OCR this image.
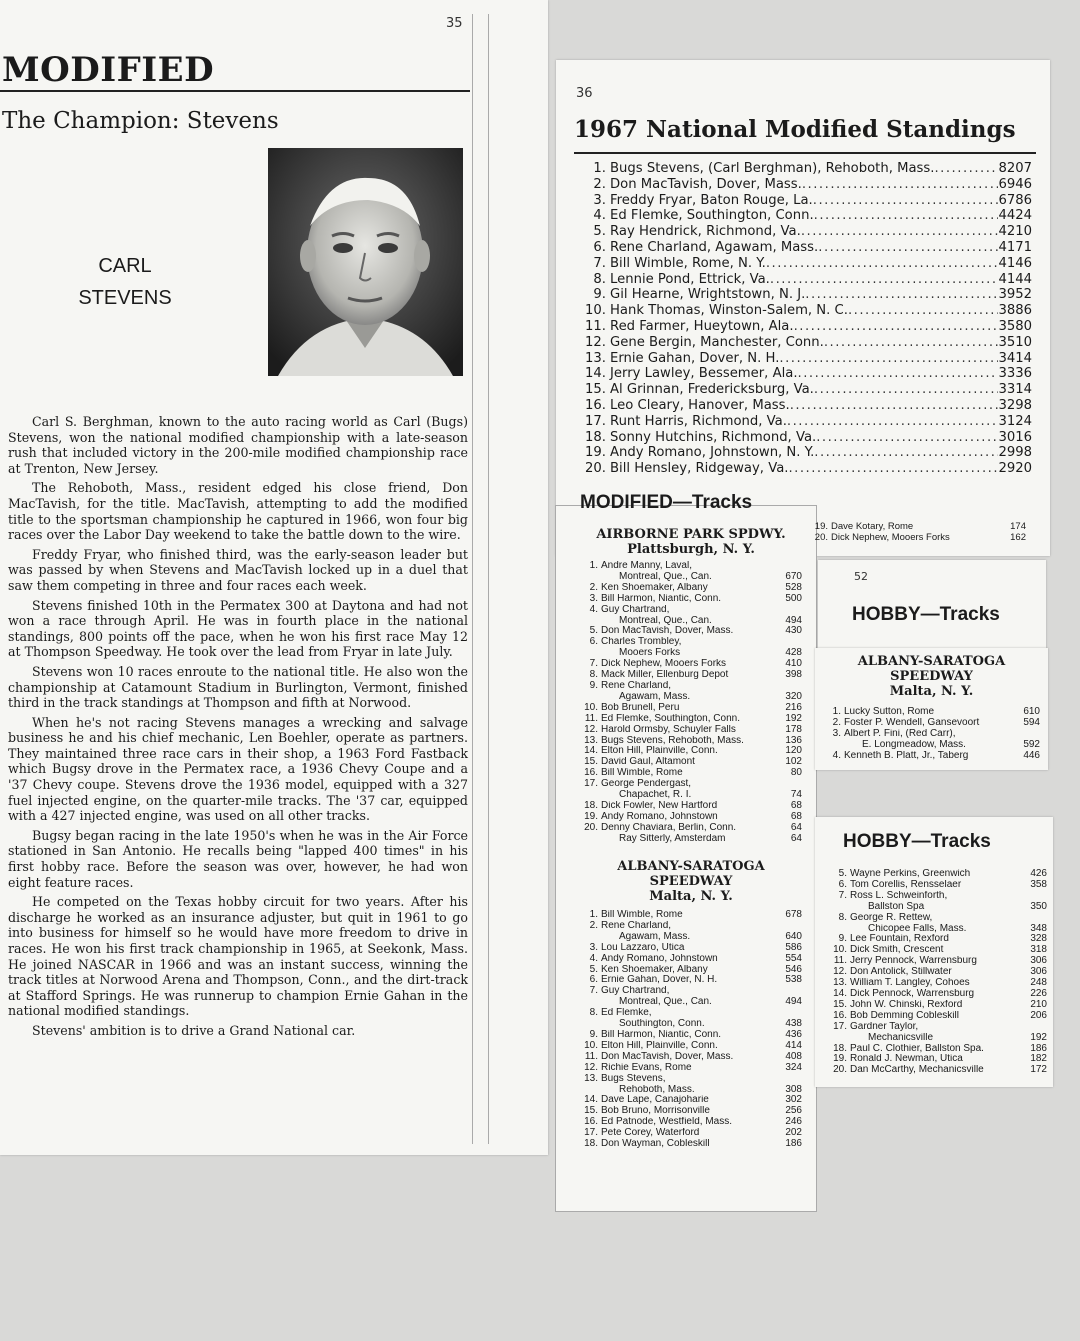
35
MODIFIED
The Champion: Stevens
CARL
STEVENS

Carl S. Berghman, known to the auto racing world as Carl (Bugs) Stevens, won the national modified championship with a late-season rush that included victory in the 200-mile modified championship race at Trenton, New Jersey.

The Rehoboth, Mass., resident edged his close friend, Don MacTavish, for the title. MacTavish, attempting to add the modified title to the sportsman championship he captured in 1966, won four big races over the Labor Day weekend to take the battle down to the wire.

Freddy Fryar, who finished third, was the early-season leader but was passed by when Stevens and MacTavish locked up in a duel that saw them competing in three and four races each week.

Stevens finished 10th in the Permatex 300 at Daytona and had not won a race through April. He was in fourth place in the national standings, 800 points off the pace, when he won his first race May 12 at Thompson Speedway. He took over the lead from Fryar in late July.

Stevens won 10 races enroute to the national title. He also won the championship at Catamount Stadium in Burlington, Vermont, finished third in the track standings at Thompson and fifth at Norwood.

When he's not racing Stevens manages a wrecking and salvage business he and his chief mechanic, Len Boehler, operate as partners. They maintained three race cars in their shop, a 1963 Ford Fastback which Bugsy drove in the Permatex race, a 1936 Chevy Coupe and a '37 Chevy coupe. Stevens drove the 1936 model, equipped with a 327 fuel injected engine, on the quarter-mile tracks. The '37 car, equipped with a 427 injected engine, was used on all other tracks.

Bugsy began racing in the late 1950's when he was in the Air Force stationed in San Antonio. He recalls being "lapped 400 times" in his first hobby race. Before the season was over, however, he had won eight feature races.

He competed on the Texas hobby circuit for two years. After his discharge he worked as an insurance adjuster, but quit in 1961 to go into business for himself so he would have more freedom to drive in races. He won his first track championship in 1965, at Seekonk, Mass. He joined NASCAR in 1966 and was an instant success, winning the track titles at Norwood Arena and Thompson, Conn., and the dirt-track at Stafford Springs. He was runnerup to champion Ernie Gahan in the national modified standings.

Stevens' ambition is to drive a Grand National car.

36
1967 National Modified Standings
1. Bugs Stevens, (Carl Berghman), Rehoboth, Mass. .....	8207
2. Don MacTavish, Dover, Mass. .....	6946
3. Freddy Fryar, Baton Rouge, La. .....	6786
4. Ed Flemke, Southington, Conn. .....	4424
5. Ray Hendrick, Richmond, Va. .....	4210
6. Rene Charland, Agawam, Mass. .....	4171
7. Bill Wimble, Rome, N. Y. .....	4146
8. Lennie Pond, Ettrick, Va. .....	4144
9. Gil Hearne, Wrightstown, N. J. .....	3952
10. Hank Thomas, Winston-Salem, N. C. .....	3886
11. Red Farmer, Hueytown, Ala. .....	3580
12. Gene Bergin, Manchester, Conn. .....	3510
13. Ernie Gahan, Dover, N. H. .....	3414
14. Jerry Lawley, Bessemer, Ala. .....	3336
15. Al Grinnan, Fredericksburg, Va. .....	3314
16. Leo Cleary, Hanover, Mass. .....	3298
17. Runt Harris, Richmond, Va. .....	3124
18. Sonny Hutchins, Richmond, Va. .....	3016
19. Andy Romano, Johnstown, N. Y. .....	2998
20. Bill Hensley, Ridgeway, Va. .....	2920
MODIFIED—Tracks
AIRBORNE PARK SPDWY.
Plattsburgh, N. Y.
1. Andre Manny, Laval,
Montreal, Que., Can.	670
2. Ken Shoemaker, Albany	528
3. Bill Harmon, Niantic, Conn.	500
4. Guy Chartrand,
Montreal, Que., Can.	494
5. Don MacTavish, Dover, Mass.	430
6. Charles Trombley,
Mooers Forks	428
7. Dick Nephew, Mooers Forks	410
8. Mack Miller, Ellenburg Depot	398
9. Rene Charland,
Agawam, Mass.	320
10. Bob Brunell, Peru	216
11. Ed Flemke, Southington, Conn.	192
12. Harold Ormsby, Schuyler Falls	178
13. Bugs Stevens, Rehoboth, Mass.	136
14. Elton Hill, Plainville, Conn.	120
15. David Gaul, Altamont	102
16. Bill Wimble, Rome	80
17. George Pendergast,
Chapachet, R. I.	74
18. Dick Fowler, New Hartford	68
19. Andy Romano, Johnstown	68
20. Denny Chaviara, Berlin, Conn.	64
Ray Sitterly, Amsterdam	64
ALBANY-SARATOGA SPEEDWAY
Malta, N. Y.
1. Bill Wimble, Rome	678
2. Rene Charland,
Agawam, Mass.	640
3. Lou Lazzaro, Utica	586
4. Andy Romano, Johnstown	554
5. Ken Shoemaker, Albany	546
6. Ernie Gahan, Dover, N. H.	538
7. Guy Chartrand,
Montreal, Que., Can.	494
8. Ed Flemke,
Southington, Conn.	438
9. Bill Harmon, Niantic, Conn.	436
10. Elton Hill, Plainville, Conn.	414
11. Don MacTavish, Dover, Mass.	408
12. Richie Evans, Rome	324
13. Bugs Stevens,
Rehoboth, Mass.	308
14. Dave Lape, Canajoharie	302
15. Bob Bruno, Morrisonville	256
16. Ed Patnode, Westfield, Mass.	246
17. Pete Corey, Waterford	202
18. Don Wayman, Cobleskill	186
19. Dave Kotary, Rome	174
20. Dick Nephew, Mooers Forks	162
52
HOBBY—Tracks
ALBANY-SARATOGA SPEEDWAY
Malta, N. Y.
1. Lucky Sutton, Rome	610
2. Foster P. Wendell, Gansevoort	594
3. Albert P. Fini, (Red Carr),
E. Longmeadow, Mass.	592
4. Kenneth B. Platt, Jr., Taberg	446
HOBBY—Tracks
5. Wayne Perkins, Greenwich	426
6. Tom Corellis, Rensselaer	358
7. Ross L. Schweinforth,
Ballston Spa	350
8. George R. Rettew,
Chicopee Falls, Mass.	348
9. Lee Fountain, Rexford	328
10. Dick Smith, Crescent	318
11. Jerry Pennock, Warrensburg	306
12. Don Antolick, Stillwater	306
13. William T. Langley, Cohoes	248
14. Dick Pennock, Warrensburg	226
15. John W. Chinski, Rexford	210
16. Bob Demming Cobleskill	206
17. Gardner Taylor,
Mechanicsville	192
18. Paul C. Clothier, Ballston Spa.	186
19. Ronald J. Newman, Utica	182
20. Dan McCarthy, Mechanicsville	172
